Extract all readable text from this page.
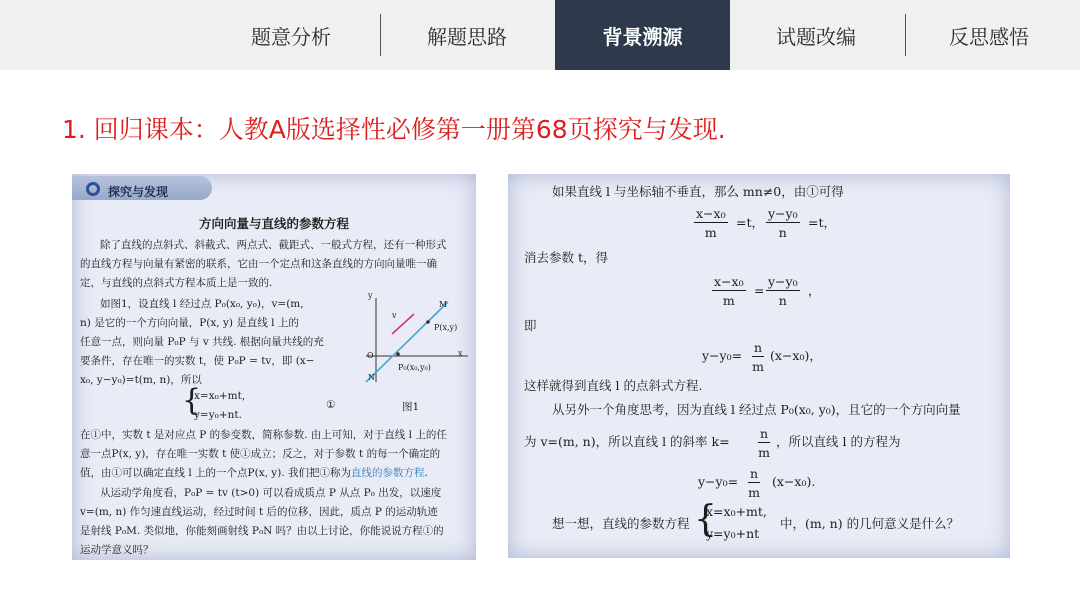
题意分析	解题思路	背景溯源	试题改编	反思感悟
1. 回归课本：人教A版选择性必修第一册第68页探究与发现.
探究与发现
方向向量与直线的参数方程
除了直线的点斜式、斜截式、两点式、截距式、一般式方程，还有一种形式
的直线方程与向量有紧密的联系，它由一个定点和这条直线的方向向量唯一确
定，与直线的点斜式方程本质上是一致的.
如图1，设直线 l 经过点 P₀(x₀, y₀)，v=(m,
n) 是它的一个方向向量，P(x, y) 是直线 l 上的
任意一点，则向量 P₀P 与 v 共线. 根据向量共线的充
要条件，存在唯一的实数 t，使 P₀P = tv，即 (x−
x₀, y−y₀)=t(m, n)，所以
{
x=x₀+mt,
y=y₀+nt.
①
y
v
M
P(x,y)
O	x
P₀(x₀,y₀)
N
图1
在①中，实数 t 是对应点 P 的参变数，简称参数. 由上可知，对于直线 l 上的任
意一点P(x, y)，存在唯一实数 t 使①成立；反之，对于参数 t 的每一个确定的
值，由①可以确定直线 l 上的一个点P(x, y). 我们把①称为直线的参数方程.
从运动学角度看，P₀P = tv (t>0) 可以看成质点 P 从点 P₀ 出发，以速度
v=(m, n) 作匀速直线运动，经过时间 t 后的位移，因此，质点 P 的运动轨迹
是射线 P₀M. 类似地，你能刻画射线 P₀N 吗？由以上讨论，你能说说方程①的
运动学意义吗？
如果直线 l 与坐标轴不垂直，那么 mn≠0，由①可得
$\frac{\text{x−x₀}}{m} =t$， $\frac{\text{y−y₀}}{n} =t$，
消去参数 t，得
$\frac{\text{x−x₀}}{m} = \frac{\text{y−y₀}}{n}$ ，
即
$y-y_0= \frac{n}{m} (x-x_0)$，
这样就得到直线 l 的点斜式方程.
从另外一个角度思考，因为直线 l 经过点 P₀(x₀, y₀)，且它的一个方向向量
为 v=(m, n)，所以直线 l 的斜率 $k= \frac{n}{m}$ ，所以直线 l 的方程为
$y-y_0= \frac{n}{m} (x-x_0)$.
想一想，直线的参数方程 {
x=x₀+mt,
y=y₀+nt
中，(m, n) 的几何意义是什么？
